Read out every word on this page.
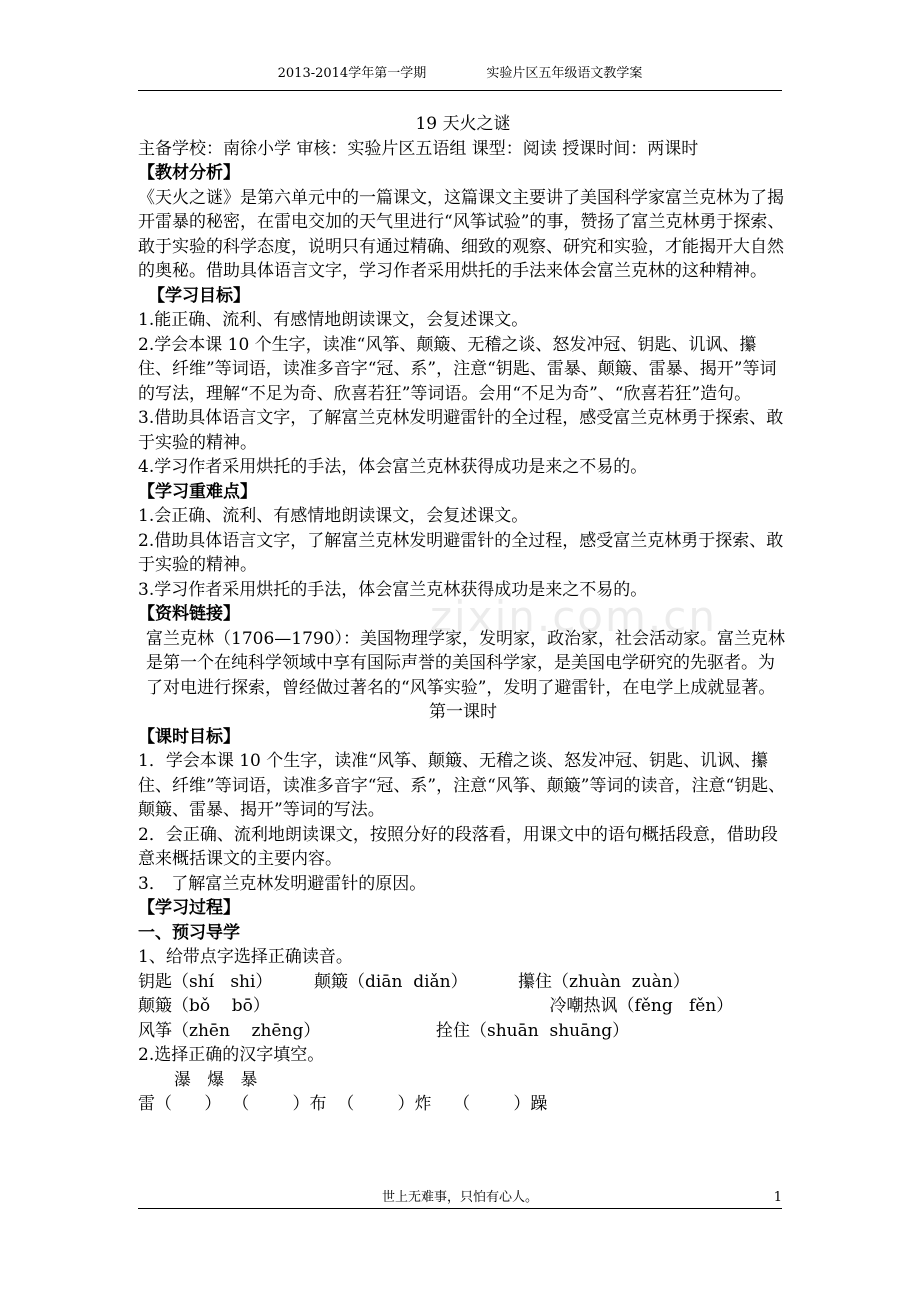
2013-2014学年第一学期	实验片区五年级语文教学案

19 天火之谜

主备学校：南徐小学 审核：实验片区五语组 课型：阅读 授课时间：两课时

【教材分析】

《天火之谜》是第六单元中的一篇课文，这篇课文主要讲了美国科学家富兰克林为了揭开雷暴的秘密，在雷电交加的天气里进行“风筝试验”的事，赞扬了富兰克林勇于探索、敢于实验的科学态度，说明只有通过精确、细致的观察、研究和实验，才能揭开大自然的奥秘。借助具体语言文字，学习作者采用烘托的手法来体会富兰克林的这种精神。

【学习目标】

1.能正确、流利、有感情地朗读课文，会复述课文。

2.学会本课 10 个生字，读准“风筝、颠簸、无稽之谈、怒发冲冠、钥匙、讥讽、攥住、纤维”等词语，读准多音字“冠、系”，注意“钥匙、雷暴、颠簸、雷暴、揭开”等词的写法，理解“不足为奇、欣喜若狂”等词语。会用“不足为奇”、“欣喜若狂”造句。

3.借助具体语言文字，了解富兰克林发明避雷针的全过程，感受富兰克林勇于探索、敢于实验的精神。

4.学习作者采用烘托的手法，体会富兰克林获得成功是来之不易的。

【学习重难点】

1.会正确、流利、有感情地朗读课文，会复述课文。

2.借助具体语言文字，了解富兰克林发明避雷针的全过程，感受富兰克林勇于探索、敢于实验的精神。

3.学习作者采用烘托的手法，体会富兰克林获得成功是来之不易的。

【资料链接】

富兰克林（1706—1790）：美国物理学家，发明家，政治家，社会活动家。富兰克林是第一个在纯科学领域中享有国际声誉的美国科学家，是美国电学研究的先驱者。为了对电进行探索，曾经做过著名的“风筝实验”，发明了避雷针，在电学上成就显著。

第一课时

【课时目标】

1．学会本课 10 个生字，读准“风筝、颠簸、无稽之谈、怒发冲冠、钥匙、讥讽、攥住、纤维”等词语，读准多音字“冠、系”，注意“风筝、颠簸”等词的读音，注意“钥匙、颠簸、雷暴、揭开”等词的写法。

2．会正确、流利地朗读课文，按照分好的段落看，用课文中的语句概括段意，借助段意来概括课文的主要内容。

3． 了解富兰克林发明避雷针的原因。

【学习过程】

一、预习导学

1、给带点字选择正确读音。

钥匙（shí   shi）	颠簸（diān  diǎn）	攥住（zhuàn  zuàn）
颠簸（bǒ    bō）	冷嘲热讽（fěng   fěn）
风筝（zhēn    zhēng）	拴住（shuān  shuāng）

2.选择正确的汉字填空。

瀑   爆   暴

雷（      ）  （        ）布  （        ）炸    （        ）躁

zixin.com.cn
世上无难事，只怕有心人。	1
